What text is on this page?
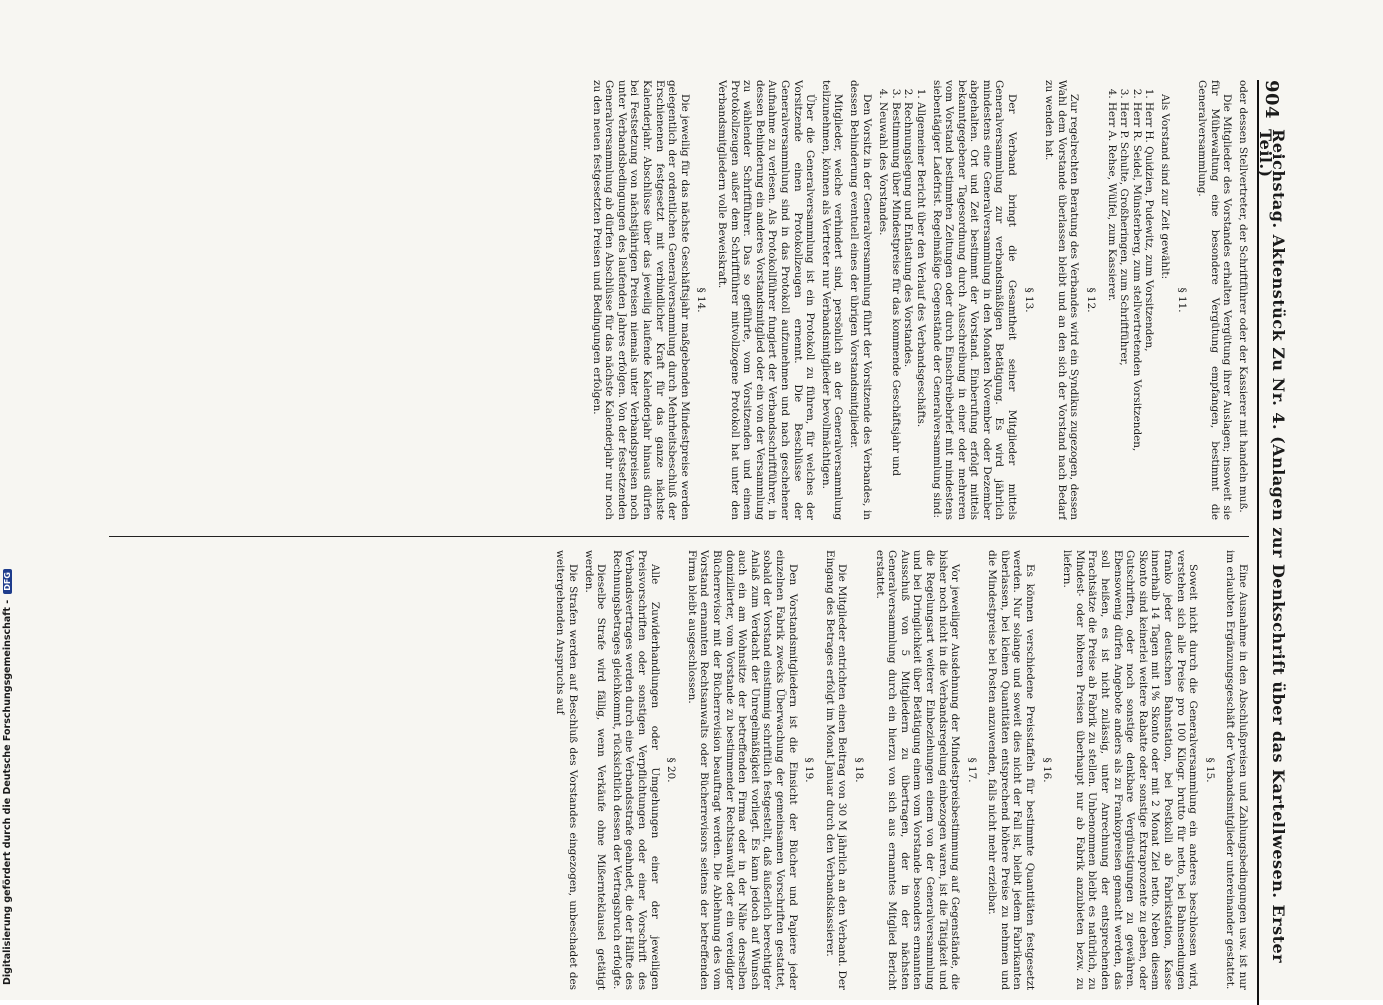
Digitalisierung gefördert durch die Deutsche Forschungsgemeinschaft -
DFG
904
Reichstag. Aktenstück Zu Nr. 4. (Anlagen zur Denkschrift über das Kartellwesen. Erster Teil.)

oder dessen Stellvertreter, der Schriftführer oder der Kassierer mit handeln muß.

Die Mitglieder des Vorstandes erhalten Vergütung ihrer Auslagen; insoweit sie für Mühewaltung eine besondere Vergütung empfangen, bestimmt die Generalversammlung.

§ 11.

Als Vorstand sind zur Zeit gewählt:

1. Herr H. Quidzien, Pudewitz, zum Vorsitzenden,
2. Herr R. Seidel, Münsterberg, zum stellvertretenden Vorsitzenden,
3. Herr P. Schulte, Großheringen, zum Schriftführer,
4. Herr A. Rehse, Wülfel, zum Kassierer.

§ 12.

Zur regelrechten Beratung des Verbandes wird ein Syndikus zugezogen, dessen Wahl dem Vorstande überlassen bleibt und an den sich der Vorstand nach Bedarf zu wenden hat.

§ 13.

Der Verband bringt die Gesamtheit seiner Mitglieder mittels Generalversammlung zur verbandsmäßigen Betätigung. Es wird jährlich mindestens eine Generalversammlung in den Monaten November oder Dezember abgehalten. Ort und Zeit bestimmt der Vorstand. Einberufung erfolgt mittels bekanntgegebener Tagesordnung durch Ausschreibung in einer oder mehreren vom Vorstand bestimmten Zeitungen oder durch Einschreibebrief mit mindestens siebentägiger Ladefrist. Regelmäßige Gegenstände der Generalversammlung sind:

1. Allgemeiner Bericht über den Verlauf des Verbandsgeschäfts.
2. Rechnungslegung und Entlastung des Vorstandes.
3. Bestimmung über Mindestpreise für das kommende Geschäftsjahr und
4. Neuwahl des Vorstandes.

Den Vorsitz in der Generalversammlung führt der Vorsitzende des Verbandes, in dessen Behinderung eventuell eines der übrigen Vorstandsmitglieder.

Mitglieder, welche verhindert sind, persönlich an der Generalversammlung teilzunehmen, können als Vertreter nur Verbandsmitglieder bevollmächtigen.

Über die Generalversammlung ist ein Protokoll zu führen, für welches der Vorsitzende einen Protokollzeugen ernennt. Die Beschlüsse der Generalversammlung sind in das Protokoll aufzunehmen und nach geschehener Aufnahme zu verlesen. Als Protokollführer fungiert der Verbandsschriftführer, in dessen Behinderung ein anderes Vorstandsmitglied oder ein von der Versammlung zu wählender Schriftführer. Das so geführte, vom Vorsitzenden und einem Protokollzeugen außer dem Schriftführer mitvollzogene Protokoll hat unter den Verbandsmitgliedern volle Beweiskraft.

§ 14.

Die jeweilig für das nächste Geschäftsjahr maßgebenden Mindestpreise werden gelegentlich der ordentlichen Generalversammlung durch Mehrheitsbeschluß der Erschienenen festgesetzt mit verbindlicher Kraft für das ganze nächste Kalenderjahr. Abschlüsse über das jeweilig laufende Kalenderjahr hinaus dürfen bei Festsetzung von nächstjährigen Preisen niemals unter Verbandspreisen noch unter Verbandsbedingungen des laufenden Jahres erfolgen. Von der festsetzenden Generalversammlung ab dürfen Abschlüsse für das nächste Kalenderjahr nur noch zu den neuen festgesetzten Preisen und Bedingungen erfolgen.

Eine Ausnahme in den Abschlußpreisen und Zahlungsbedingungen usw. ist nur im erlaubten Ergänzungsgeschäft der Verbandsmitglieder untereinander gestattet.

§ 15.

Soweit nicht durch die Generalversammlung ein anderes beschlossen wird, verstehen sich alle Preise pro 100 Kilogr. brutto für netto, bei Bahnsendungen franko jeder deutschen Bahnstation, bei Postkolli ab Fabrikstation, Kasse innerhalb 14 Tagen mit 1% Skonto oder mit 2 Monat Ziel netto. Neben diesem Skonto sind keinerlei weitere Rabatte oder sonstige Extraprozente zu geben, oder Gutschriften, oder noch sonstige denkbare Vergünstigungen zu gewähren. Ebensowenig dürfen Angebote anders als zu Frankopreisen gemacht werden, das soll heißen, es ist nicht zulässig, unter Anrechnung der entsprechenden Frachtsätze die Preise ab Fabrik zu stellen. Unbenommen bleibt es natürlich, zu Mindest- oder höheren Preisen überhaupt nur ab Fabrik anzubieten bezw. zu liefern.

§ 16.

Es können verschiedene Preisstaffeln für bestimmte Quantitäten festgesetzt werden. Nur solange und soweit dies nicht der Fall ist, bleibt jedem Fabrikanten überlassen, bei kleinen Quantitäten entsprechend höhere Preise zu nehmen und die Mindestpreise bei Posten anzuwenden, falls nicht mehr erzielbar.

§ 17.

Vor jeweiliger Ausdehnung der Mindestpreisbestimmung auf Gegenstände, die bisher noch nicht in die Verbandsregelung einbezogen waren, ist die Tätigkeit und die Regelungsart weiterer Einbeziehungen einem von der Generalversammlung und bei Dringlichkeit über Betätigung einem vom Vorstande besonders ernannten Ausschuß von 5 Mitgliedern zu übertragen, der in der nächsten Generalversammlung durch ein hierzu von sich aus ernanntes Mitglied Bericht erstattet.

§ 18.

Die Mitglieder entrichten einen Beitrag von 30 M jährlich an den Verband. Der Eingang des Betrages erfolgt im Monat Januar durch den Verbandskassierer.

§ 19.

Den Vorstandsmitgliedern ist die Einsicht der Bücher und Papiere jeder einzelnen Fabrik zwecks Überwachung der gemeinsamen Vorschriften gestattet, sobald der Vorstand einstimmig schriftlich festgestellt, daß äußerlich berechtigter Anlaß zum Verdacht der Unregelmäßigkeit vorliegt. Es kann jedoch auf Wunsch auch ein am Wohnsitze der betreffenden Firma oder in der Nähe derselben domizilierter, vom Vorstande zu bestimmender Rechtsanwalt oder ein vereidigter Bücherrevisor mit der Bücherrevision beauftragt werden. Die Ablehnung des vom Vorstand ernannten Rechtsanwalts oder Bücherrevisors seitens der betreffenden Firma bleibt ausgeschlossen.

§ 20.

Alle Zuwiderhandlungen oder Umgehungen einer der jeweiligen Preisvorschriften oder sonstigen Verpflichtungen oder einer Vorschrift des Verbandsvertrages werden durch eine Verbandsstrafe geahndet, die der Hälfte des Rechnungsbetrages gleichkommt, rücksichtlich dessen der Vertragsbruch erfolgte.

Dieselbe Strafe wird fällig, wenn Verkäufe ohne Mißernteklausel getätigt werden.

Die Strafen werden auf Beschluß des Vorstandes eingezogen, unbeschadet des weitergehenden Anspruchs auf
